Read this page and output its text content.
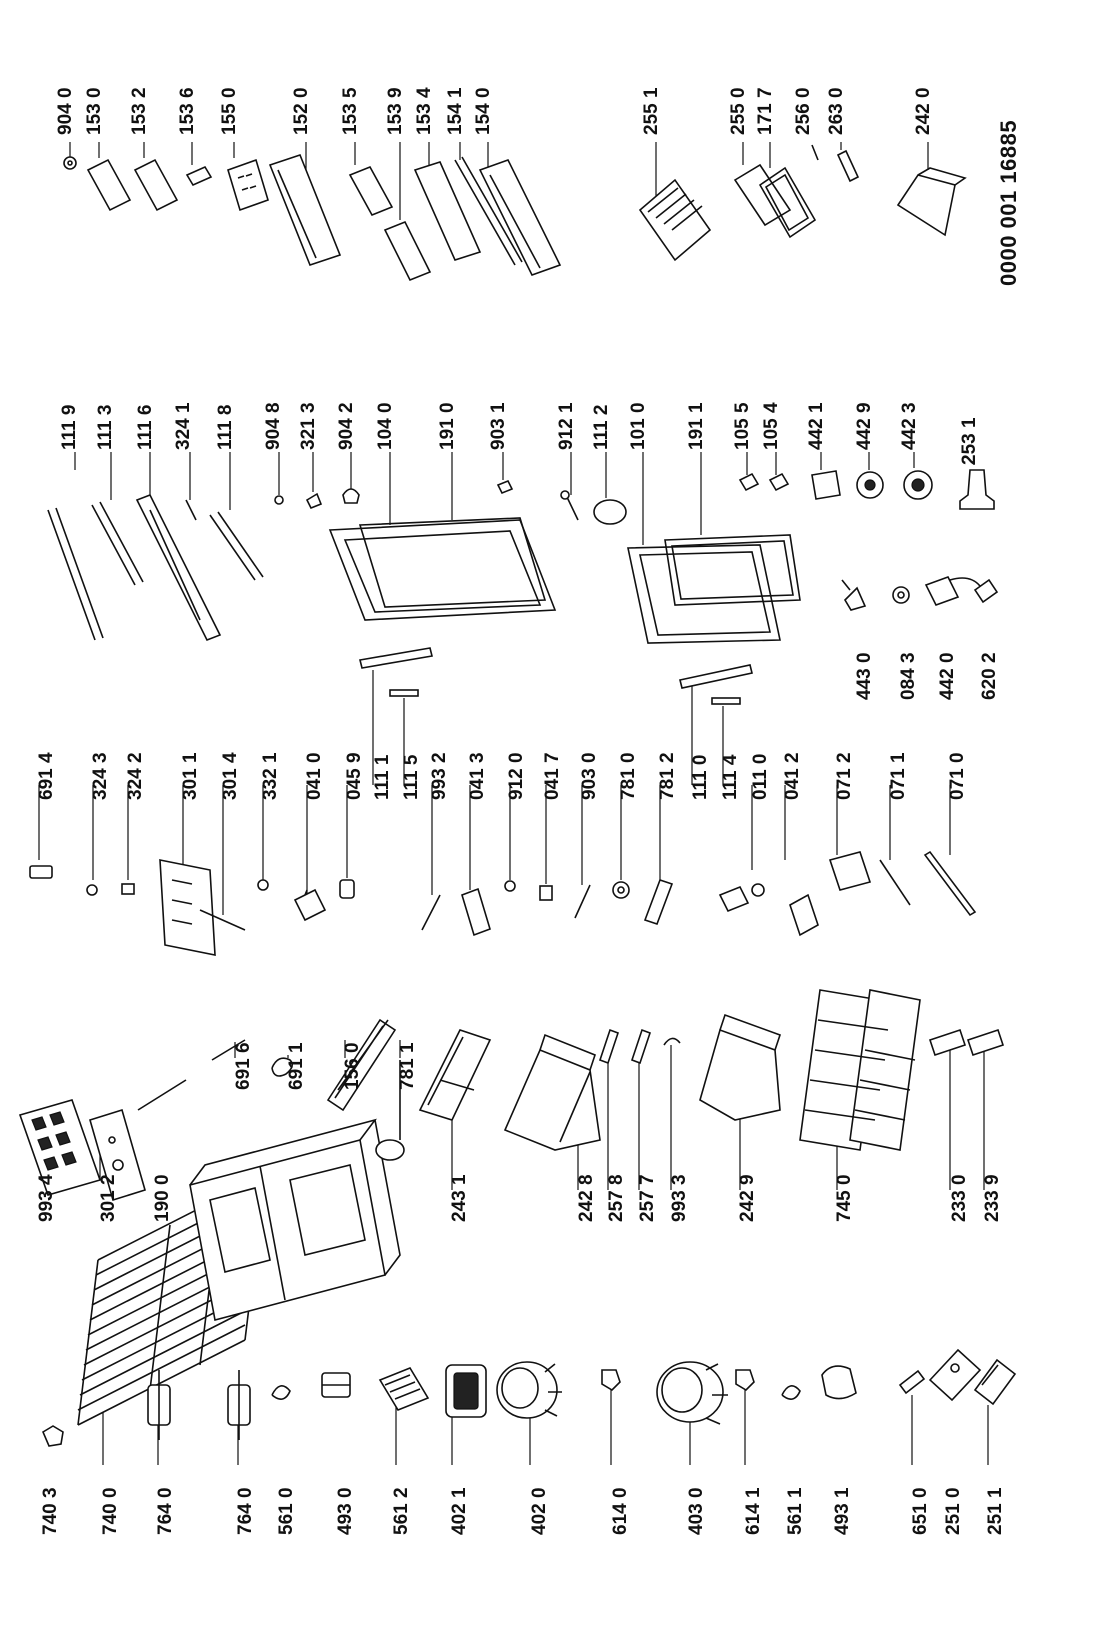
740 3 740 0 764 0	764 0 561 0 493 0 561 2 402 1	402 0	614 0	403 0 614 1 561 1 493 1	651 0 251 0 251 1
993 4 301 2 190 0
691 6 691 1 156 0 781 1
243 1	242 8 257 8 257 7 993 3 242 9	745 0	233 0 233 9
691 4 324 3 324 2 301 1 301 4 332 1 041 0 045 9 111 1 111 5 993 2 041 3 912 0 041 7 903 0 781 0 781 2 111 0 111 4 011 0 041 2 071 2 071 1 071 0
443 0 084 3 442 0 620 2
111 9 111 3 111 6 324 1 111 8 904 8 321 3 904 2 104 0 191 0 903 1 912 1 111 2 101 0 191 1 105 5 105 4 442 1 442 9 442 3 253 1
904 0 153 0 153 2 153 6 155 0	152 0 153 5 153 9 153 4 154 1 154 0	255 1	255 0 171 7 256 0 263 0	242 0
0000 001 16885
